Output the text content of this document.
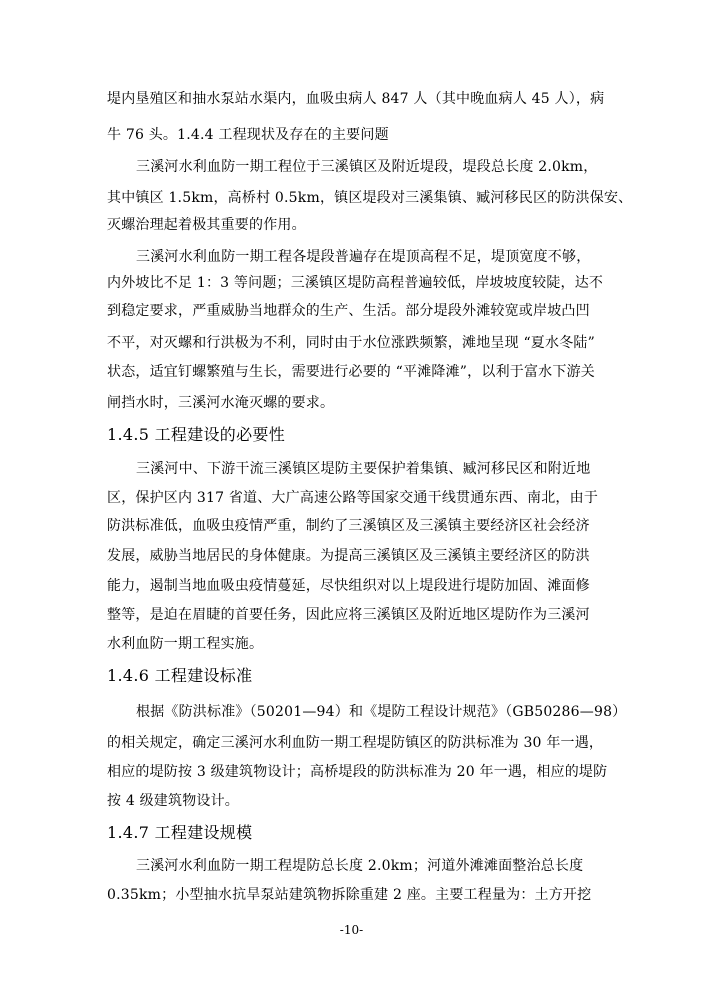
堤内垦殖区和抽水泵站水渠内，血吸虫病人 847 人（其中晚血病人 45 人），病
牛 76 头。1.4.4 工程现状及存在的主要问题
三溪河水利血防一期工程位于三溪镇区及附近堤段，堤段总长度 2.0km，
其中镇区 1.5km，高桥村 0.5km，镇区堤段对三溪集镇、臧河移民区的防洪保安、
灭螺治理起着极其重要的作用。
三溪河水利血防一期工程各堤段普遍存在堤顶高程不足，堤顶宽度不够，
内外坡比不足 1：3 等问题；三溪镇区堤防高程普遍较低，岸坡坡度较陡，达不
到稳定要求，严重威胁当地群众的生产、生活。部分堤段外滩较宽或岸坡凸凹
不平，对灭螺和行洪极为不利，同时由于水位涨跌频繁，滩地呈现 “夏水冬陆”
状态，适宜钉螺繁殖与生长，需要进行必要的 “平滩降滩”，以利于富水下游关
闸挡水时，三溪河水淹灭螺的要求。
1.4.5 工程建设的必要性
三溪河中、下游干流三溪镇区堤防主要保护着集镇、臧河移民区和附近地
区，保护区内 317 省道、大广高速公路等国家交通干线贯通东西、南北，由于
防洪标准低，血吸虫疫情严重，制约了三溪镇区及三溪镇主要经济区社会经济
发展，威胁当地居民的身体健康。为提高三溪镇区及三溪镇主要经济区的防洪
能力，遏制当地血吸虫疫情蔓延，尽快组织对以上堤段进行堤防加固、滩面修
整等，是迫在眉睫的首要任务，因此应将三溪镇区及附近地区堤防作为三溪河
水利血防一期工程实施。
1.4.6 工程建设标准
根据《防洪标准》（50201—94）和《堤防工程设计规范》（GB50286—98）
的相关规定，确定三溪河水利血防一期工程堤防镇区的防洪标准为 30 年一遇，
相应的堤防按 3 级建筑物设计；高桥堤段的防洪标准为 20 年一遇，相应的堤防
按 4 级建筑物设计。
1.4.7 工程建设规模
三溪河水利血防一期工程堤防总长度 2.0km；河道外滩滩面整治总长度
0.35km；小型抽水抗旱泵站建筑物拆除重建 2 座。主要工程量为：土方开挖
-10-
